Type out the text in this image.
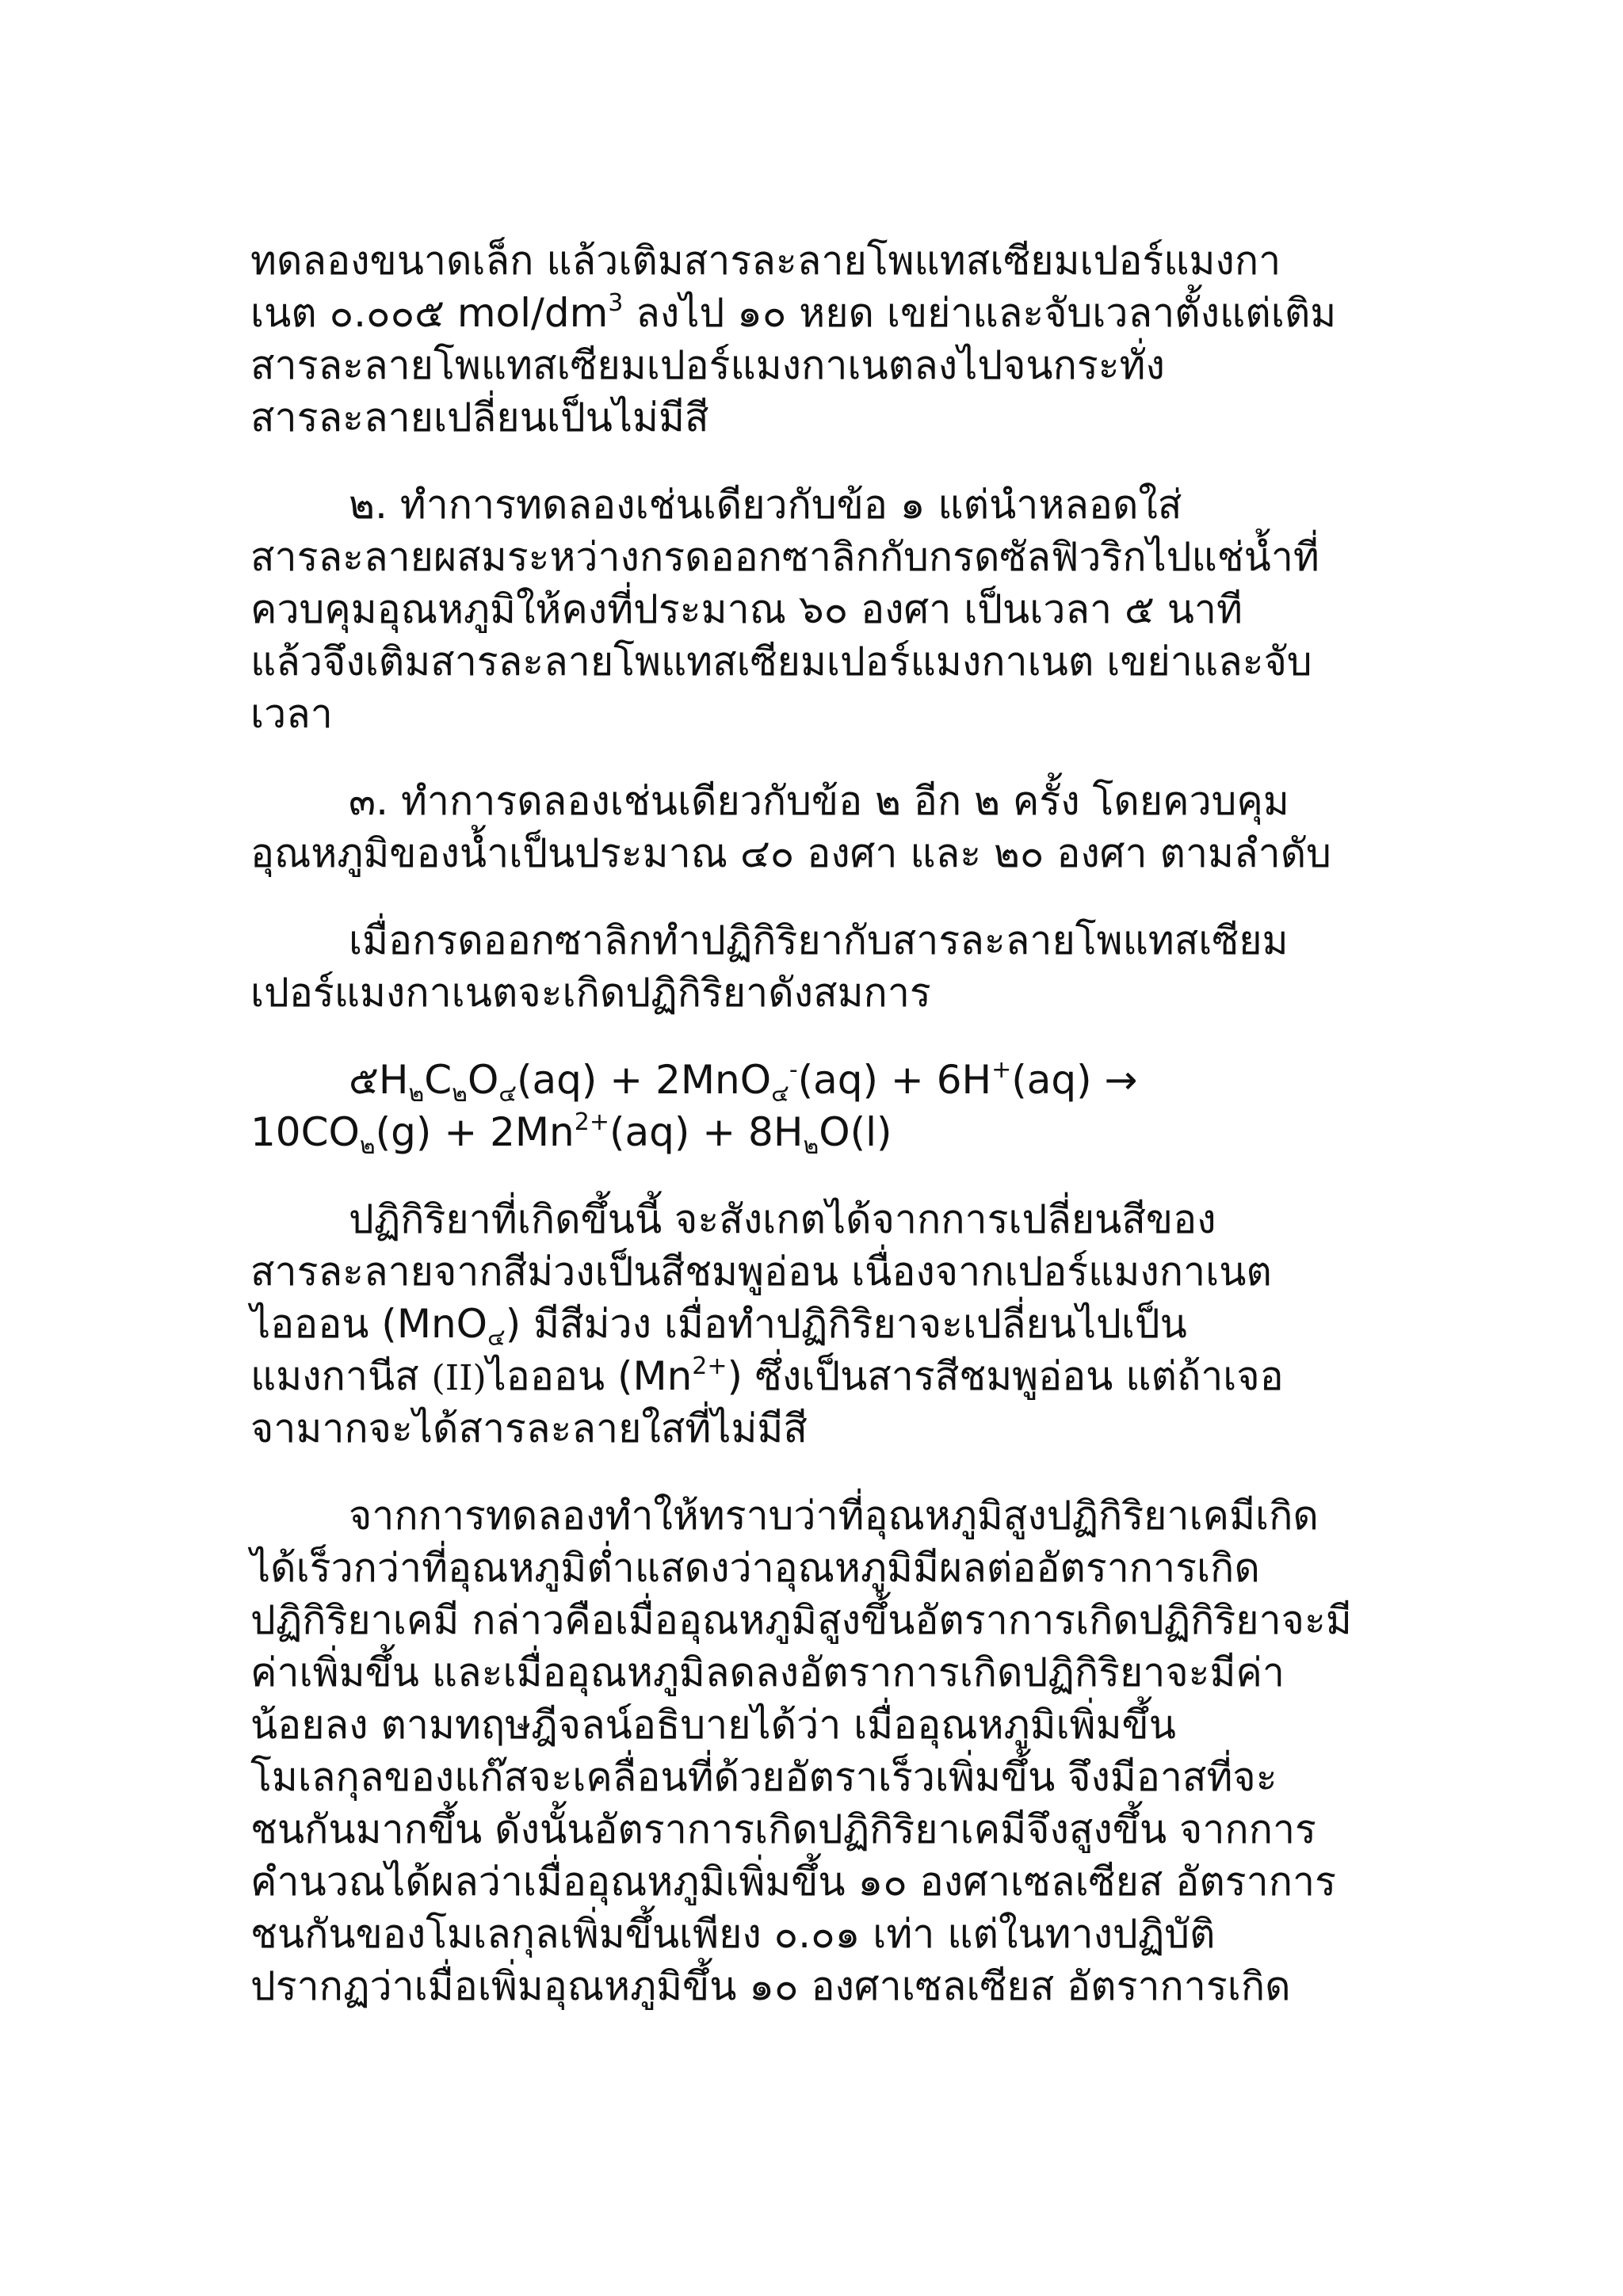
ทดลองขนาดเล็ก แล้วเติมสารละลายโพแทสเซียมเปอร์แมงกา
เนต ๐.๐๐๕ mol/$dm^3$ ลงไป ๑๐ หยด เขย่าและจับเวลาตั้งแต่เติม
สารละลายโพแทสเซียมเปอร์แมงกาเนตลงไปจนกระทั่ง
สารละลายเปลี่ยนเป็นไม่มีสี
๒. ทำการทดลองเช่นเดียวกับข้อ ๑ แต่นำหลอดใส่
สารละลายผสมระหว่างกรดออกซาลิกกับกรดซัลฟิวริกไปแช่น้ำที่
ควบคุมอุณหภูมิให้คงที่ประมาณ ๖๐ องศา เป็นเวลา ๕ นาที
แล้วจึงเติมสารละลายโพแทสเซียมเปอร์แมงกาเนต เขย่าและจับ
เวลา
๓. ทำการดลองเช่นเดียวกับข้อ ๒ อีก ๒ ครั้ง โดยควบคุม
อุณหภูมิของน้ำเป็นประมาณ ๔๐ องศา และ ๒๐ องศา ตามลำดับ
เมื่อกรดออกซาลิกทำปฏิกิริยากับสารละลายโพแทสเซียม
เปอร์แมงกาเนตจะเกิดปฏิกิริยาดังสมการ
๕$H_๒C_๒O_๔(aq) + 2MnO_๔^-(aq) + 6H^+(aq)$ →
$10CO_๒(g) + 2Mn^{2+}(aq) + 8H_๒O(l)$
ปฏิกิริยาที่เกิดขึ้นนี้ จะสังเกตได้จากการเปลี่ยนสีของ
สารละลายจากสีม่วงเป็นสีชมพูอ่อน เนื่องจากเปอร์แมงกาเนต
ไอออน (MnO$_๔$) มีสีม่วง เมื่อทำปฏิกิริยาจะเปลี่ยนไปเป็น
แมงกานีส (II)ไอออน $(Mn^{2+})$ ซึ่งเป็นสารสีชมพูอ่อน แต่ถ้าเจอ
จามากจะได้สารละลายใสที่ไม่มีสี
จากการทดลองทำให้ทราบว่าที่อุณหภูมิสูงปฏิกิริยาเคมีเกิด
ได้เร็วกว่าที่อุณหภูมิต่ำแสดงว่าอุณหภูมิมีผลต่ออัตราการเกิด
ปฏิกิริยาเคมี กล่าวคือเมื่ออุณหภูมิสูงขึ้นอัตราการเกิดปฏิกิริยาจะมี
ค่าเพิ่มขึ้น และเมื่ออุณหภูมิลดลงอัตราการเกิดปฏิกิริยาจะมีค่า
น้อยลง ตามทฤษฎีจลน์อธิบายได้ว่า เมื่ออุณหภูมิเพิ่มขึ้น
โมเลกุลของแก๊สจะเคลื่อนที่ด้วยอัตราเร็วเพิ่มขึ้น จึงมีอาสที่จะ
ชนกันมากขึ้น ดังนั้นอัตราการเกิดปฏิกิริยาเคมีจึงสูงขึ้น จากการ
คำนวณได้ผลว่าเมื่ออุณหภูมิเพิ่มขึ้น ๑๐ องศาเซลเซียส อัตราการ
ชนกันของโมเลกุลเพิ่มขึ้นเพียง ๐.๐๑ เท่า แต่ในทางปฏิบัติ
ปรากฏว่าเมื่อเพิ่มอุณหภูมิขึ้น ๑๐ องศาเซลเซียส อัตราการเกิด
